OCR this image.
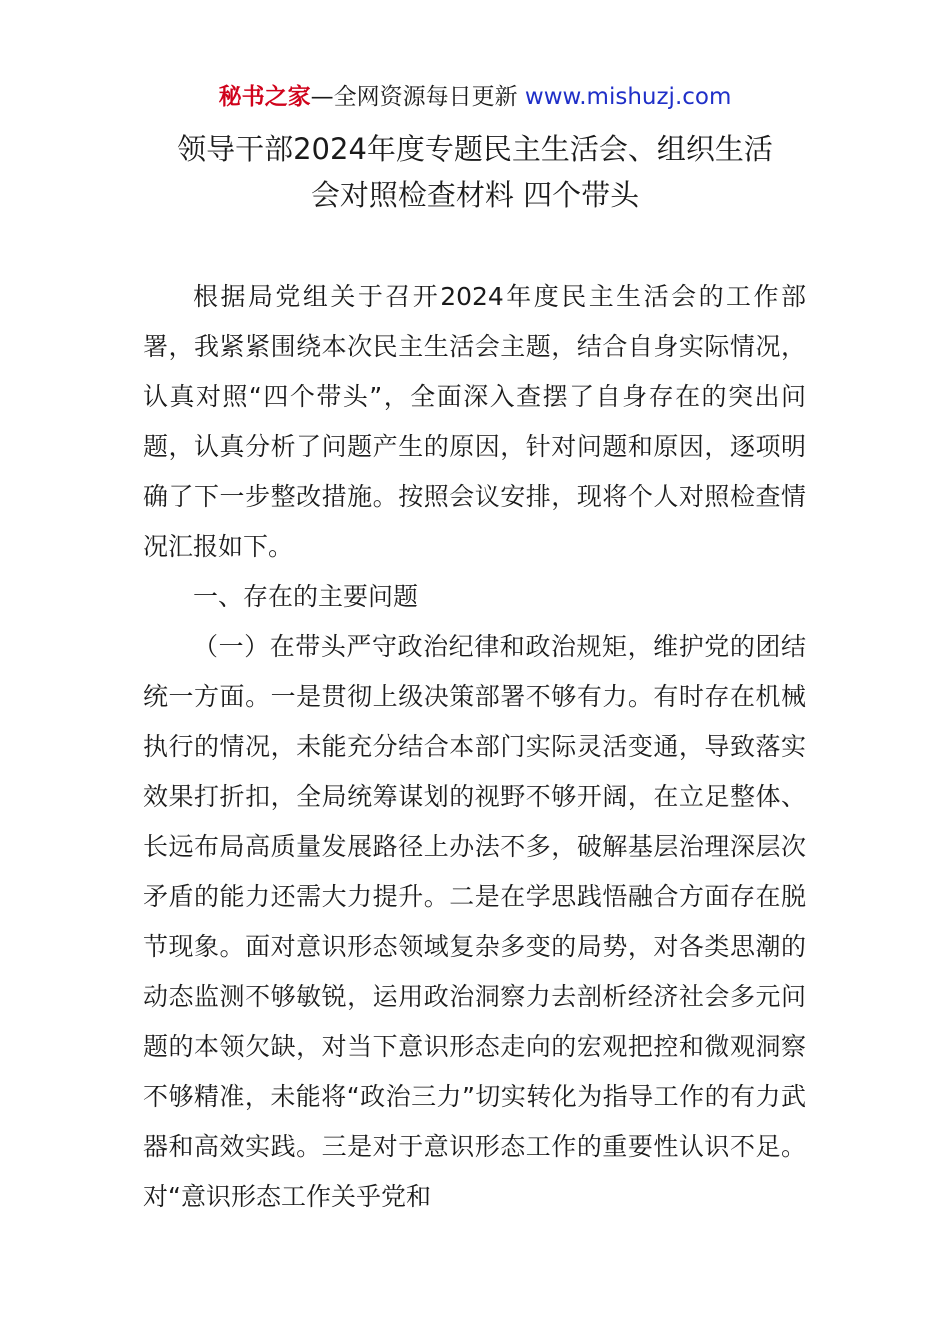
秘书之家—全网资源每日更新 www.mishuzj.com
领导干部2024年度专题民主生活会、组织生活
会对照检查材料 四个带头

根据局党组关于召开2024年度民主生活会的工作部署，我紧紧围绕本次民主生活会主题，结合自身实际情况，认真对照“四个带头”，全面深入查摆了自身存在的突出问题，认真分析了问题产生的原因，针对问题和原因，逐项明确了下一步整改措施。按照会议安排，现将个人对照检查情况汇报如下。

一、存在的主要问题

（一）在带头严守政治纪律和政治规矩，维护党的团结统一方面。一是贯彻上级决策部署不够有力。有时存在机械执行的情况，未能充分结合本部门实际灵活变通，导致落实效果打折扣，全局统筹谋划的视野不够开阔，在立足整体、长远布局高质量发展路径上办法不多，破解基层治理深层次矛盾的能力还需大力提升。二是在学思践悟融合方面存在脱节现象。面对意识形态领域复杂多变的局势，对各类思潮的动态监测不够敏锐，运用政治洞察力去剖析经济社会多元问题的本领欠缺，对当下意识形态走向的宏观把控和微观洞察不够精准，未能将“政治三力”切实转化为指导工作的有力武器和高效实践。三是对于意识形态工作的重要性认识不足。对“意识形态工作关乎党和
